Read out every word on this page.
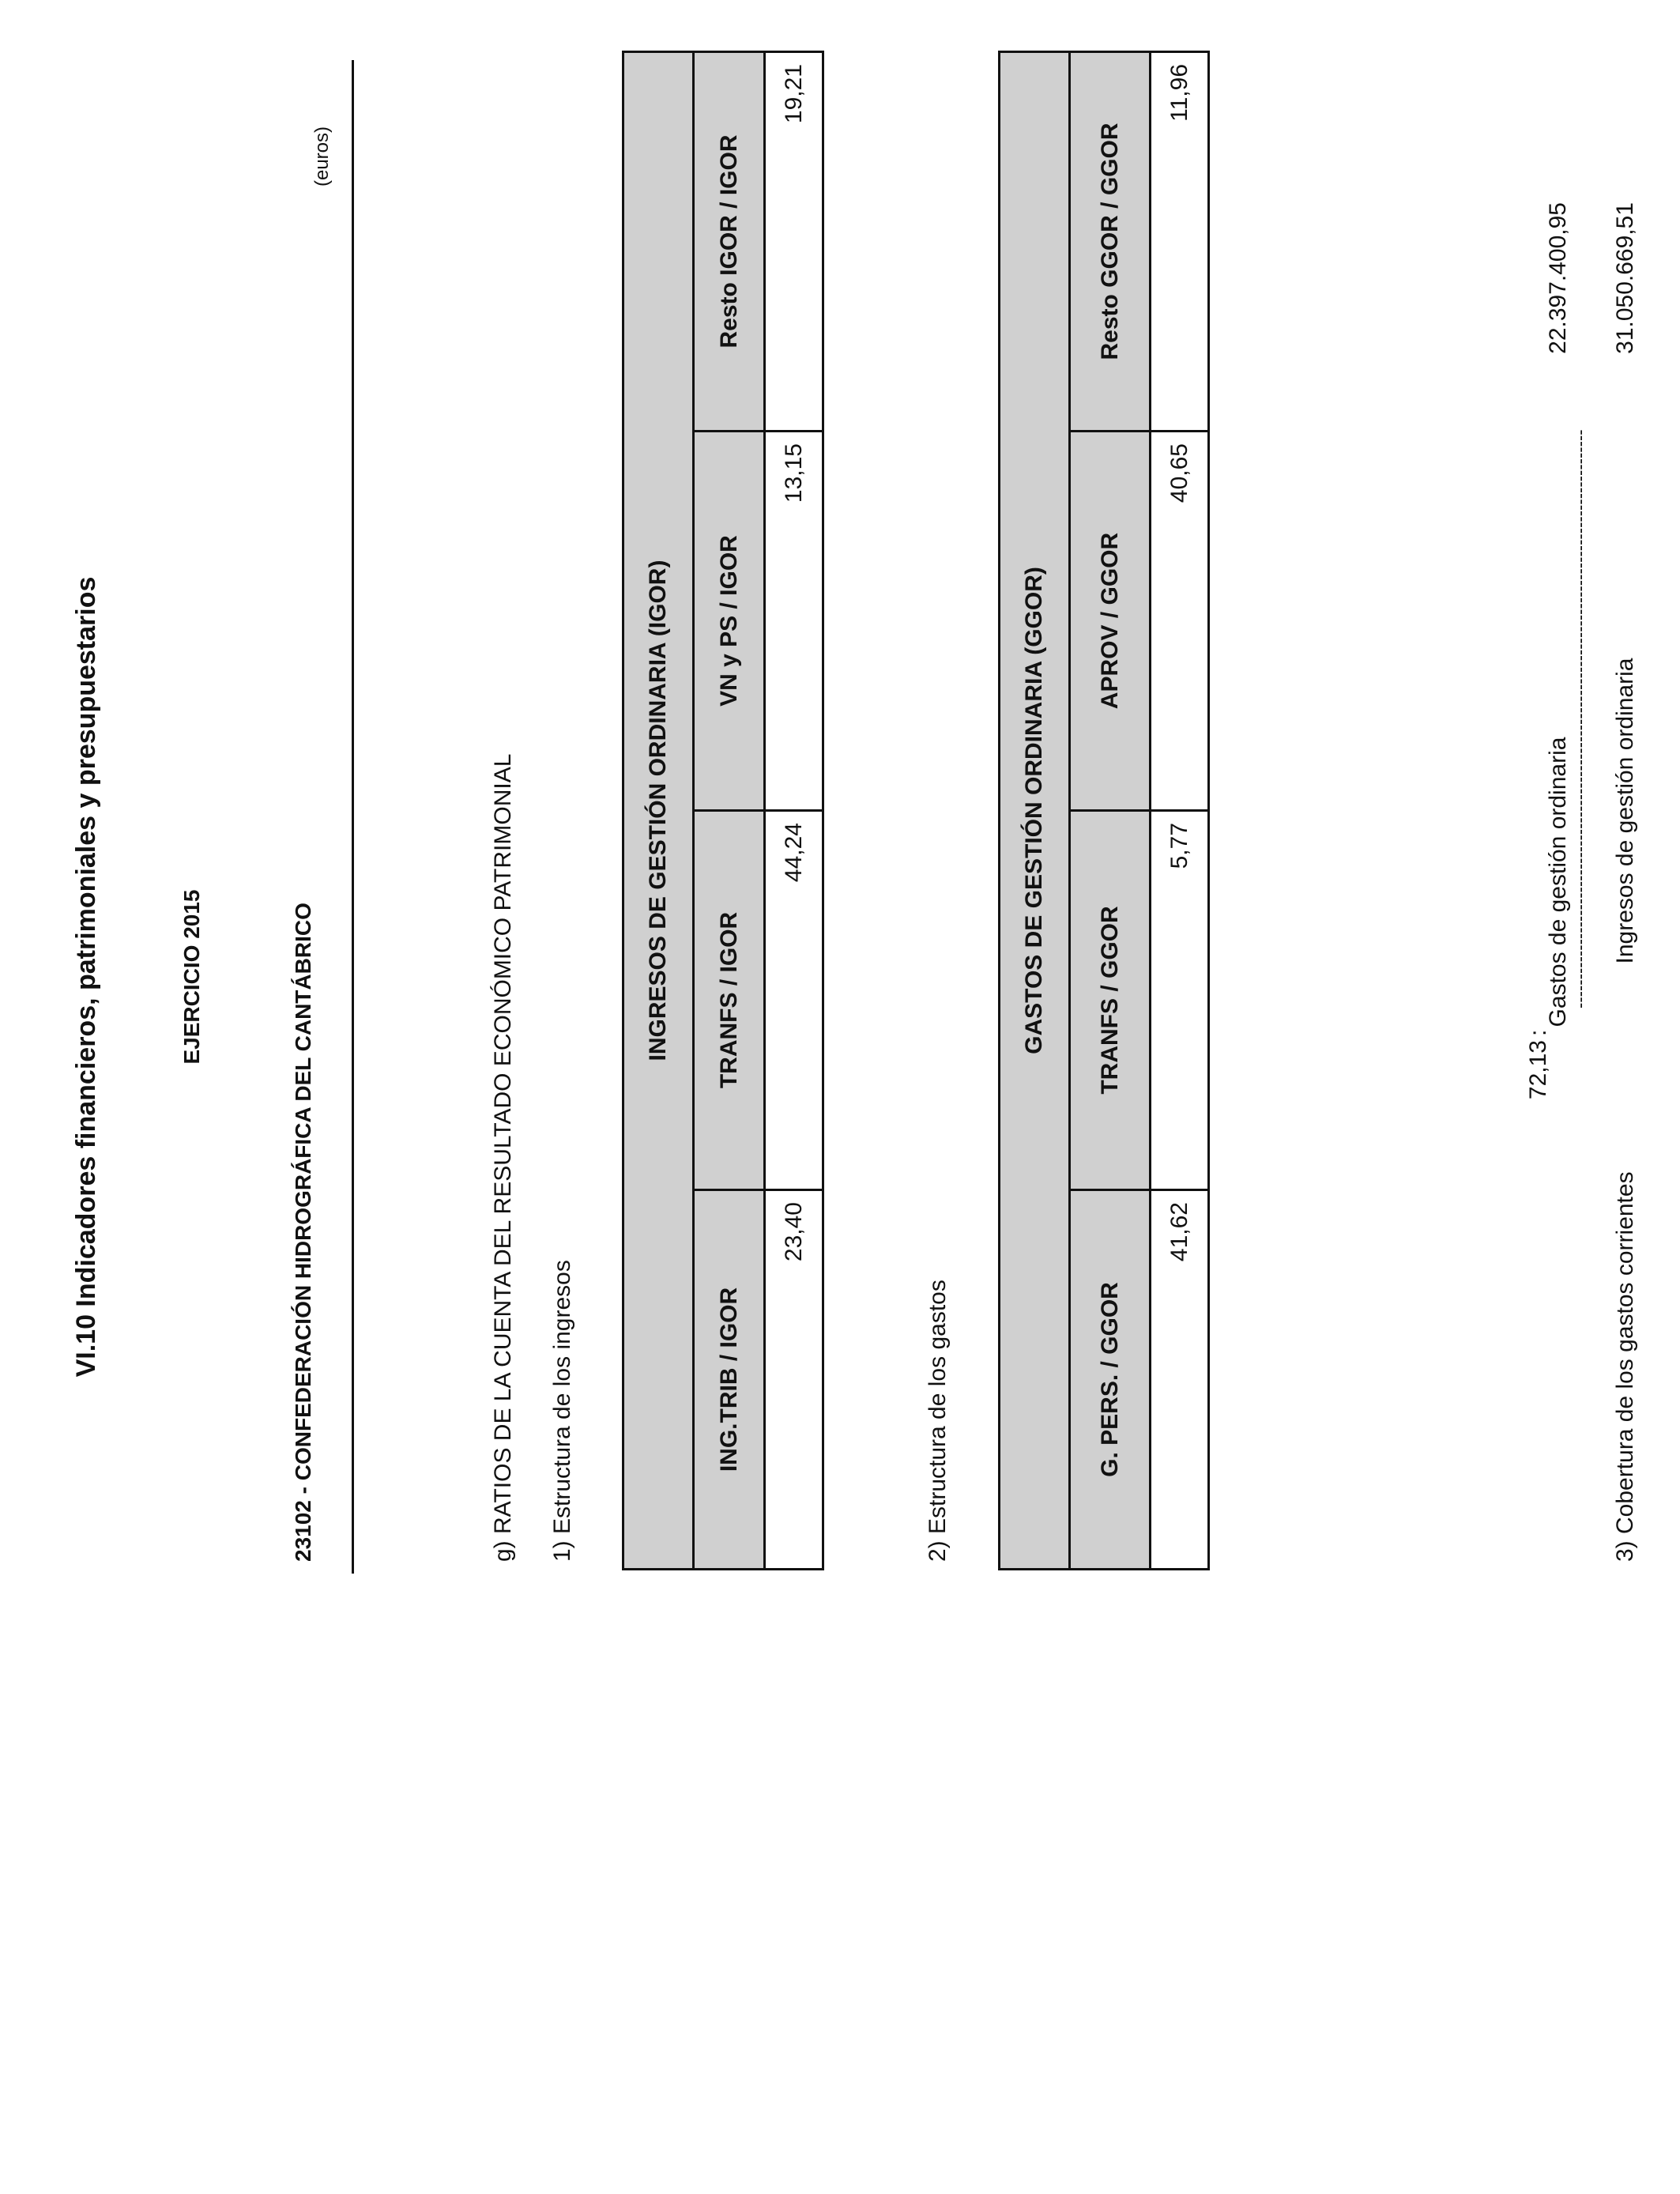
VI.10 Indicadores financieros, patrimoniales y presupuestarios	EJERCICIO 2015	23102 - CONFEDERACIÓN HIDROGRÁFICA DEL CANTÁBRICO
(euros)
g) RATIOS DE LA CUENTA DEL RESULTADO ECONÓMICO PATRIMONIAL 1) Estructura de los ingresos
INGRESOS DE GESTIÓN ORDINARIA (IGOR)			
ING.TRIB / IGOR	TRANFS / IGOR	VN y PS / IGOR	Resto IGOR / IGOR
23,40	44,24	13,15	19,21
2) Estructura de los gastos
GASTOS DE GESTIÓN ORDINARIA (GGOR)			
G. PERS. / GGOR	TRANFS / GGOR	APROV / GGOR	Resto GGOR / GGOR
41,62	5,77	40,65	11,96
3) Cobertura de los gastos corrientes
72,13
:
Gastos de gestión ordinaria ---------------------------------------------------------------------------------------------------- Ingresos de gestión ordinaria
22.397.400,95 31.050.669,51
